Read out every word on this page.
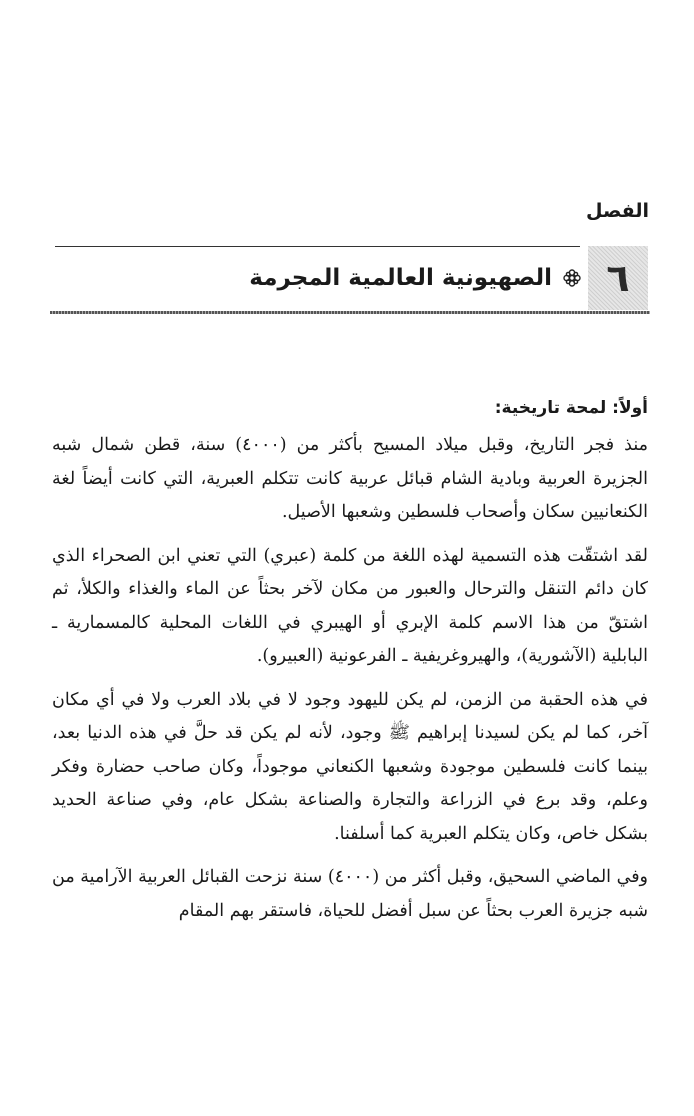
الفصل
٦
الصهيونية العالمية المجرمة
أولاً: لمحة تاريخية:

منذ فجر التاريخ، وقبل ميلاد المسيح بأكثر من (٤٠٠٠) سنة، قطن شمال شبه الجزيرة العربية وبادية الشام قبائل عربية كانت تتكلم العبرية، التي كانت أيضاً لغة الكنعانيين سكان وأصحاب فلسطين وشعبها الأصيل.

لقد اشتقّت هذه التسمية لهذه اللغة من كلمة (عبري) التي تعني ابن الصحراء الذي كان دائم التنقل والترحال والعبور من مكان لآخر بحثاً عن الماء والغذاء والكلأ، ثم اشتقّ من هذا الاسم كلمة الإبري أو الهيبري في اللغات المحلية كالمسمارية ـ البابلية (الآشورية)، والهيروغريفية ـ الفرعونية (العبيرو).

في هذه الحقبة من الزمن، لم يكن لليهود وجود لا في بلاد العرب ولا في أي مكان آخر، كما لم يكن لسيدنا إبراهيم ﷺ وجود، لأنه لم يكن قد حلَّ في هذه الدنيا بعد، بينما كانت فلسطين موجودة وشعبها الكنعاني موجوداً، وكان صاحب حضارة وفكر وعلم، وقد برع في الزراعة والتجارة والصناعة بشكل عام، وفي صناعة الحديد بشكل خاص، وكان يتكلم العبرية كما أسلفنا.

وفي الماضي السحيق، وقبل أكثر من (٤٠٠٠) سنة نزحت القبائل العربية الآرامية من شبه جزيرة العرب بحثاً عن سبل أفضل للحياة، فاستقر بهم المقام
